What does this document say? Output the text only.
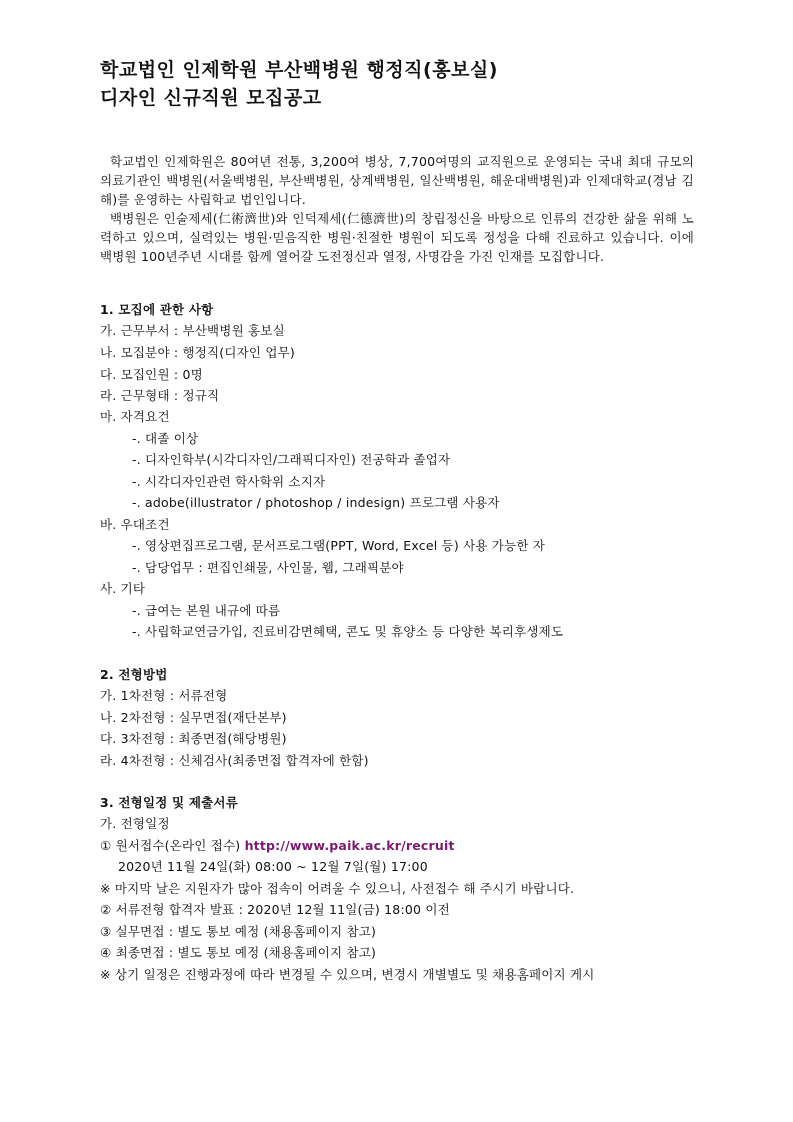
학교법인 인제학원 부산백병원 행정직(홍보실)
디자인 신규직원 모집공고

학교법인 인제학원은 80여년 전통, 3,200여 병상, 7,700여명의 교직원으로 운영되는 국내 최대 규모의 의료기관인 백병원(서울백병원, 부산백병원, 상계백병원, 일산백병원, 해운대백병원)과 인제대학교(경남 김해)를 운영하는 사립학교 법인입니다.

백병원은 인술제세(仁術濟世)와 인덕제세(仁德濟世)의 창립정신을 바탕으로 인류의 건강한 삶을 위해 노력하고 있으며, 실력있는 병원·믿음직한 병원·친절한 병원이 되도록 정성을 다해 진료하고 있습니다. 이에 백병원 100년주년 시대를 함께 열어갈 도전정신과 열정, 사명감을 가진 인재를 모집합니다.

1. 모집에 관한 사항
가. 근무부서 : 부산백병원 홍보실
나. 모집분야 : 행정직(디자인 업무)
다. 모집인원 : 0명
라. 근무형태 : 정규직
마. 자격요건
-. 대졸 이상
-. 디자인학부(시각디자인/그래픽디자인) 전공학과 졸업자
-. 시각디자인관련 학사학위 소지자
-. adobe(illustrator / photoshop / indesign) 프로그램 사용자
바. 우대조건
-. 영상편집프로그램, 문서프로그램(PPT, Word, Excel 등) 사용 가능한 자
-. 담당업무 : 편집인쇄물, 사인물, 웹, 그래픽분야
사. 기타
-. 급여는 본원 내규에 따름
-. 사립학교연금가입, 진료비감면혜택, 콘도 및 휴양소 등 다양한 복리후생제도
2. 전형방법
가. 1차전형 : 서류전형
나. 2차전형 : 실무면접(재단본부)
다. 3차전형 : 최종면접(해당병원)
라. 4차전형 : 신체검사(최종면접 합격자에 한함)
3. 전형일정 및 제출서류
가. 전형일정
① 원서접수(온라인 접수) http://www.paik.ac.kr/recruit
2020년 11월 24일(화) 08:00 ~ 12월 7일(월) 17:00
※ 마지막 날은 지원자가 많아 접속이 어려울 수 있으니, 사전접수 해 주시기 바랍니다.
② 서류전형 합격자 발표 : 2020년 12월 11일(금) 18:00 이전
③ 실무면접 : 별도 통보 예정 (채용홈페이지 참고)
④ 최종면접 : 별도 통보 예정 (채용홈페이지 참고)
※ 상기 일정은 진행과정에 따라 변경될 수 있으며, 변경시 개별별도 및 채용홈페이지 게시
